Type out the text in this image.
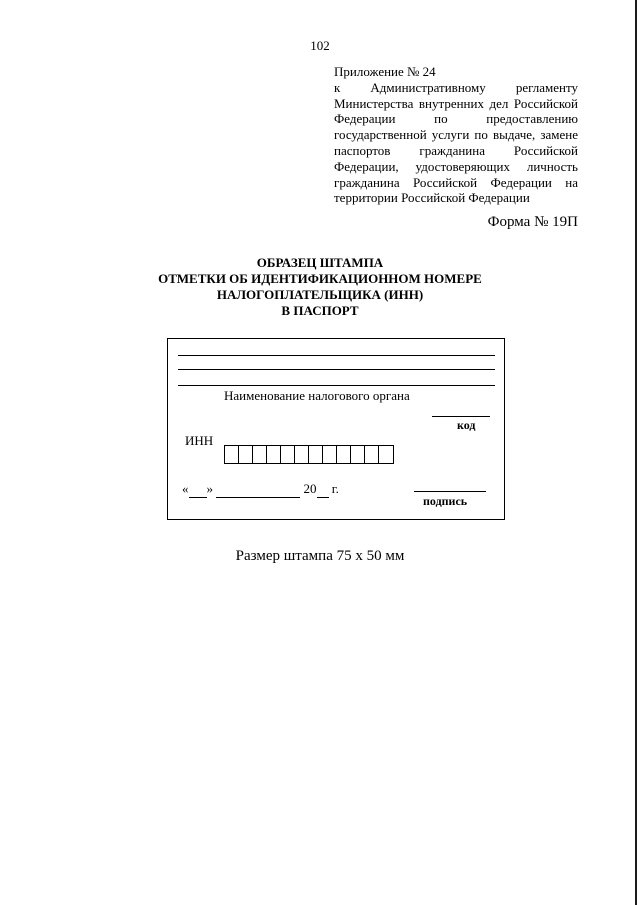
102
Приложение № 24
к Административному регламенту
Министерства внутренних дел Российской
Федерации по предоставлению
государственной услуги по выдаче, замене
паспортов гражданина Российской
Федерации, удостоверяющих личность
гражданина Российской Федерации на
территории Российской Федерации
Форма № 19П
ОБРАЗЕЦ ШТАМПА
ОТМЕТКИ ОБ ИДЕНТИФИКАЦИОННОМ НОМЕРЕ
НАЛОГОПЛАТЕЛЬЩИКА (ИНН)
В ПАСПОРТ
Наименование налогового органа
код
ИНН
« »	20 г.
подпись
Размер штампа 75 х 50 мм
